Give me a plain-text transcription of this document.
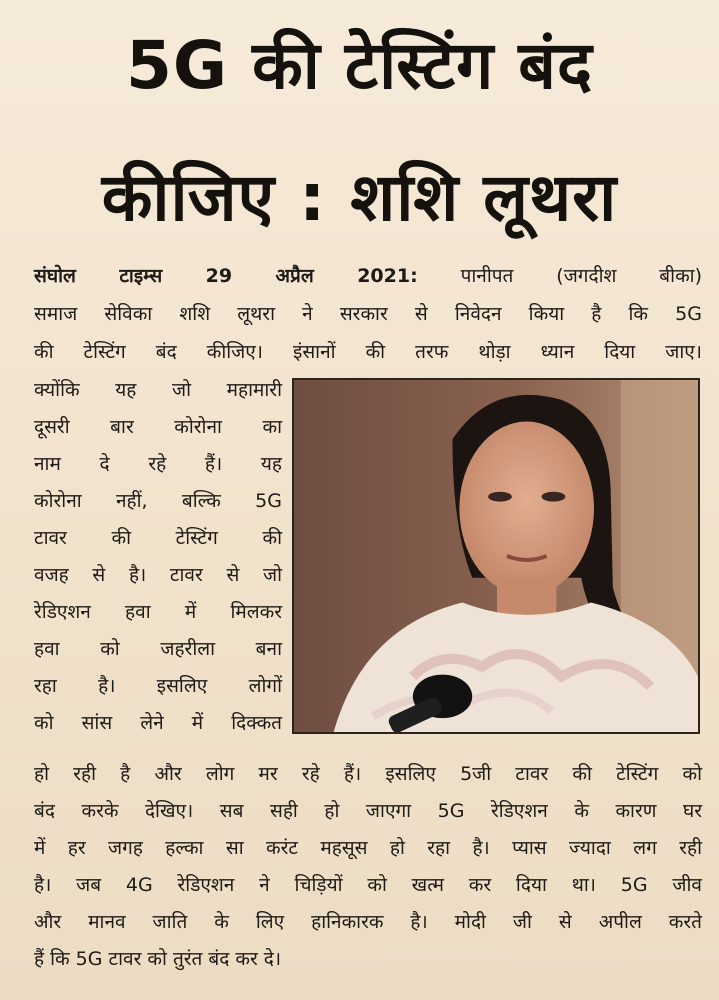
5G की टेस्टिंग बंद
कीजिए : शशि लूथरा
संघोल टाइम्स 29 अप्रैल 2021: पानीपत (जगदीश बीका)
समाज सेविका शशि लूथरा ने सरकार से निवेदन किया है कि 5G
की टेस्टिंग बंद कीजिए। इंसानों की तरफ थोड़ा ध्यान दिया जाए।
क्योंकि यह जो महामारी
दूसरी बार कोरोना का
नाम दे रहे हैं। यह
कोरोना नहीं, बल्कि 5G
टावर की टेस्टिंग की
वजह से है। टावर से जो
रेडिएशन हवा में मिलकर
हवा को जहरीला बना
रहा है। इसलिए लोगों
को सांस लेने में दिक्कत
हो रही है और लोग मर रहे हैं। इसलिए 5जी टावर की टेस्टिंग को
बंद करके देखिए। सब सही हो जाएगा 5G रेडिएशन के कारण घर
में हर जगह हल्का सा करंट महसूस हो रहा है। प्यास ज्यादा लग रही
है। जब 4G रेडिएशन ने चिड़ियों को खत्म कर दिया था। 5G जीव
और मानव जाति के लिए हानिकारक है। मोदी जी से अपील करते
हैं कि 5G टावर को तुरंत बंद कर दे।
